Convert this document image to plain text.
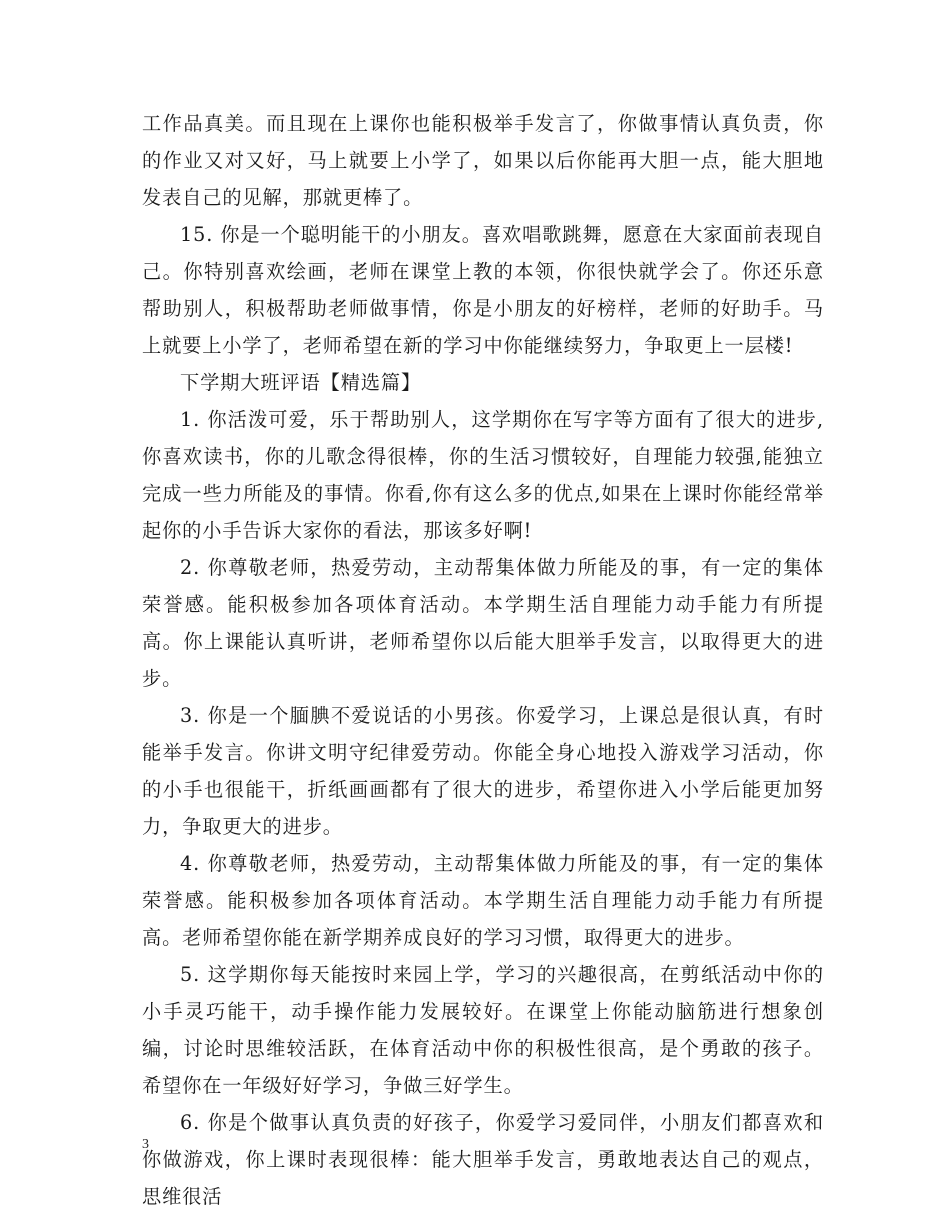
工作品真美。而且现在上课你也能积极举手发言了，你做事情认真负责，你的作业又对又好，马上就要上小学了，如果以后你能再大胆一点，能大胆地发表自己的见解，那就更棒了。

15. 你是一个聪明能干的小朋友。喜欢唱歌跳舞，愿意在大家面前表现自己。你特别喜欢绘画，老师在课堂上教的本领，你很快就学会了。你还乐意帮助别人，积极帮助老师做事情，你是小朋友的好榜样，老师的好助手。马上就要上小学了，老师希望在新的学习中你能继续努力，争取更上一层楼!

下学期大班评语【精选篇】

1. 你活泼可爱，乐于帮助别人，这学期你在写字等方面有了很大的进步,你喜欢读书，你的儿歌念得很棒，你的生活习惯较好，自理能力较强,能独立完成一些力所能及的事情。你看,你有这么多的优点,如果在上课时你能经常举起你的小手告诉大家你的看法，那该多好啊!

2. 你尊敬老师，热爱劳动，主动帮集体做力所能及的事，有一定的集体荣誉感。能积极参加各项体育活动。本学期生活自理能力动手能力有所提高。你上课能认真听讲，老师希望你以后能大胆举手发言，以取得更大的进步。

3. 你是一个腼腆不爱说话的小男孩。你爱学习，上课总是很认真，有时能举手发言。你讲文明守纪律爱劳动。你能全身心地投入游戏学习活动，你的小手也很能干，折纸画画都有了很大的进步，希望你进入小学后能更加努力，争取更大的进步。

4. 你尊敬老师，热爱劳动，主动帮集体做力所能及的事，有一定的集体荣誉感。能积极参加各项体育活动。本学期生活自理能力动手能力有所提高。老师希望你能在新学期养成良好的学习习惯，取得更大的进步。

5. 这学期你每天能按时来园上学，学习的兴趣很高，在剪纸活动中你的小手灵巧能干，动手操作能力发展较好。在课堂上你能动脑筋进行想象创编，讨论时思维较活跃，在体育活动中你的积极性很高，是个勇敢的孩子。希望你在一年级好好学习，争做三好学生。

6. 你是个做事认真负责的好孩子，你爱学习爱同伴，小朋友们都喜欢和你做游戏，你上课时表现很棒：能大胆举手发言，勇敢地表达自己的观点，思维很活

3
